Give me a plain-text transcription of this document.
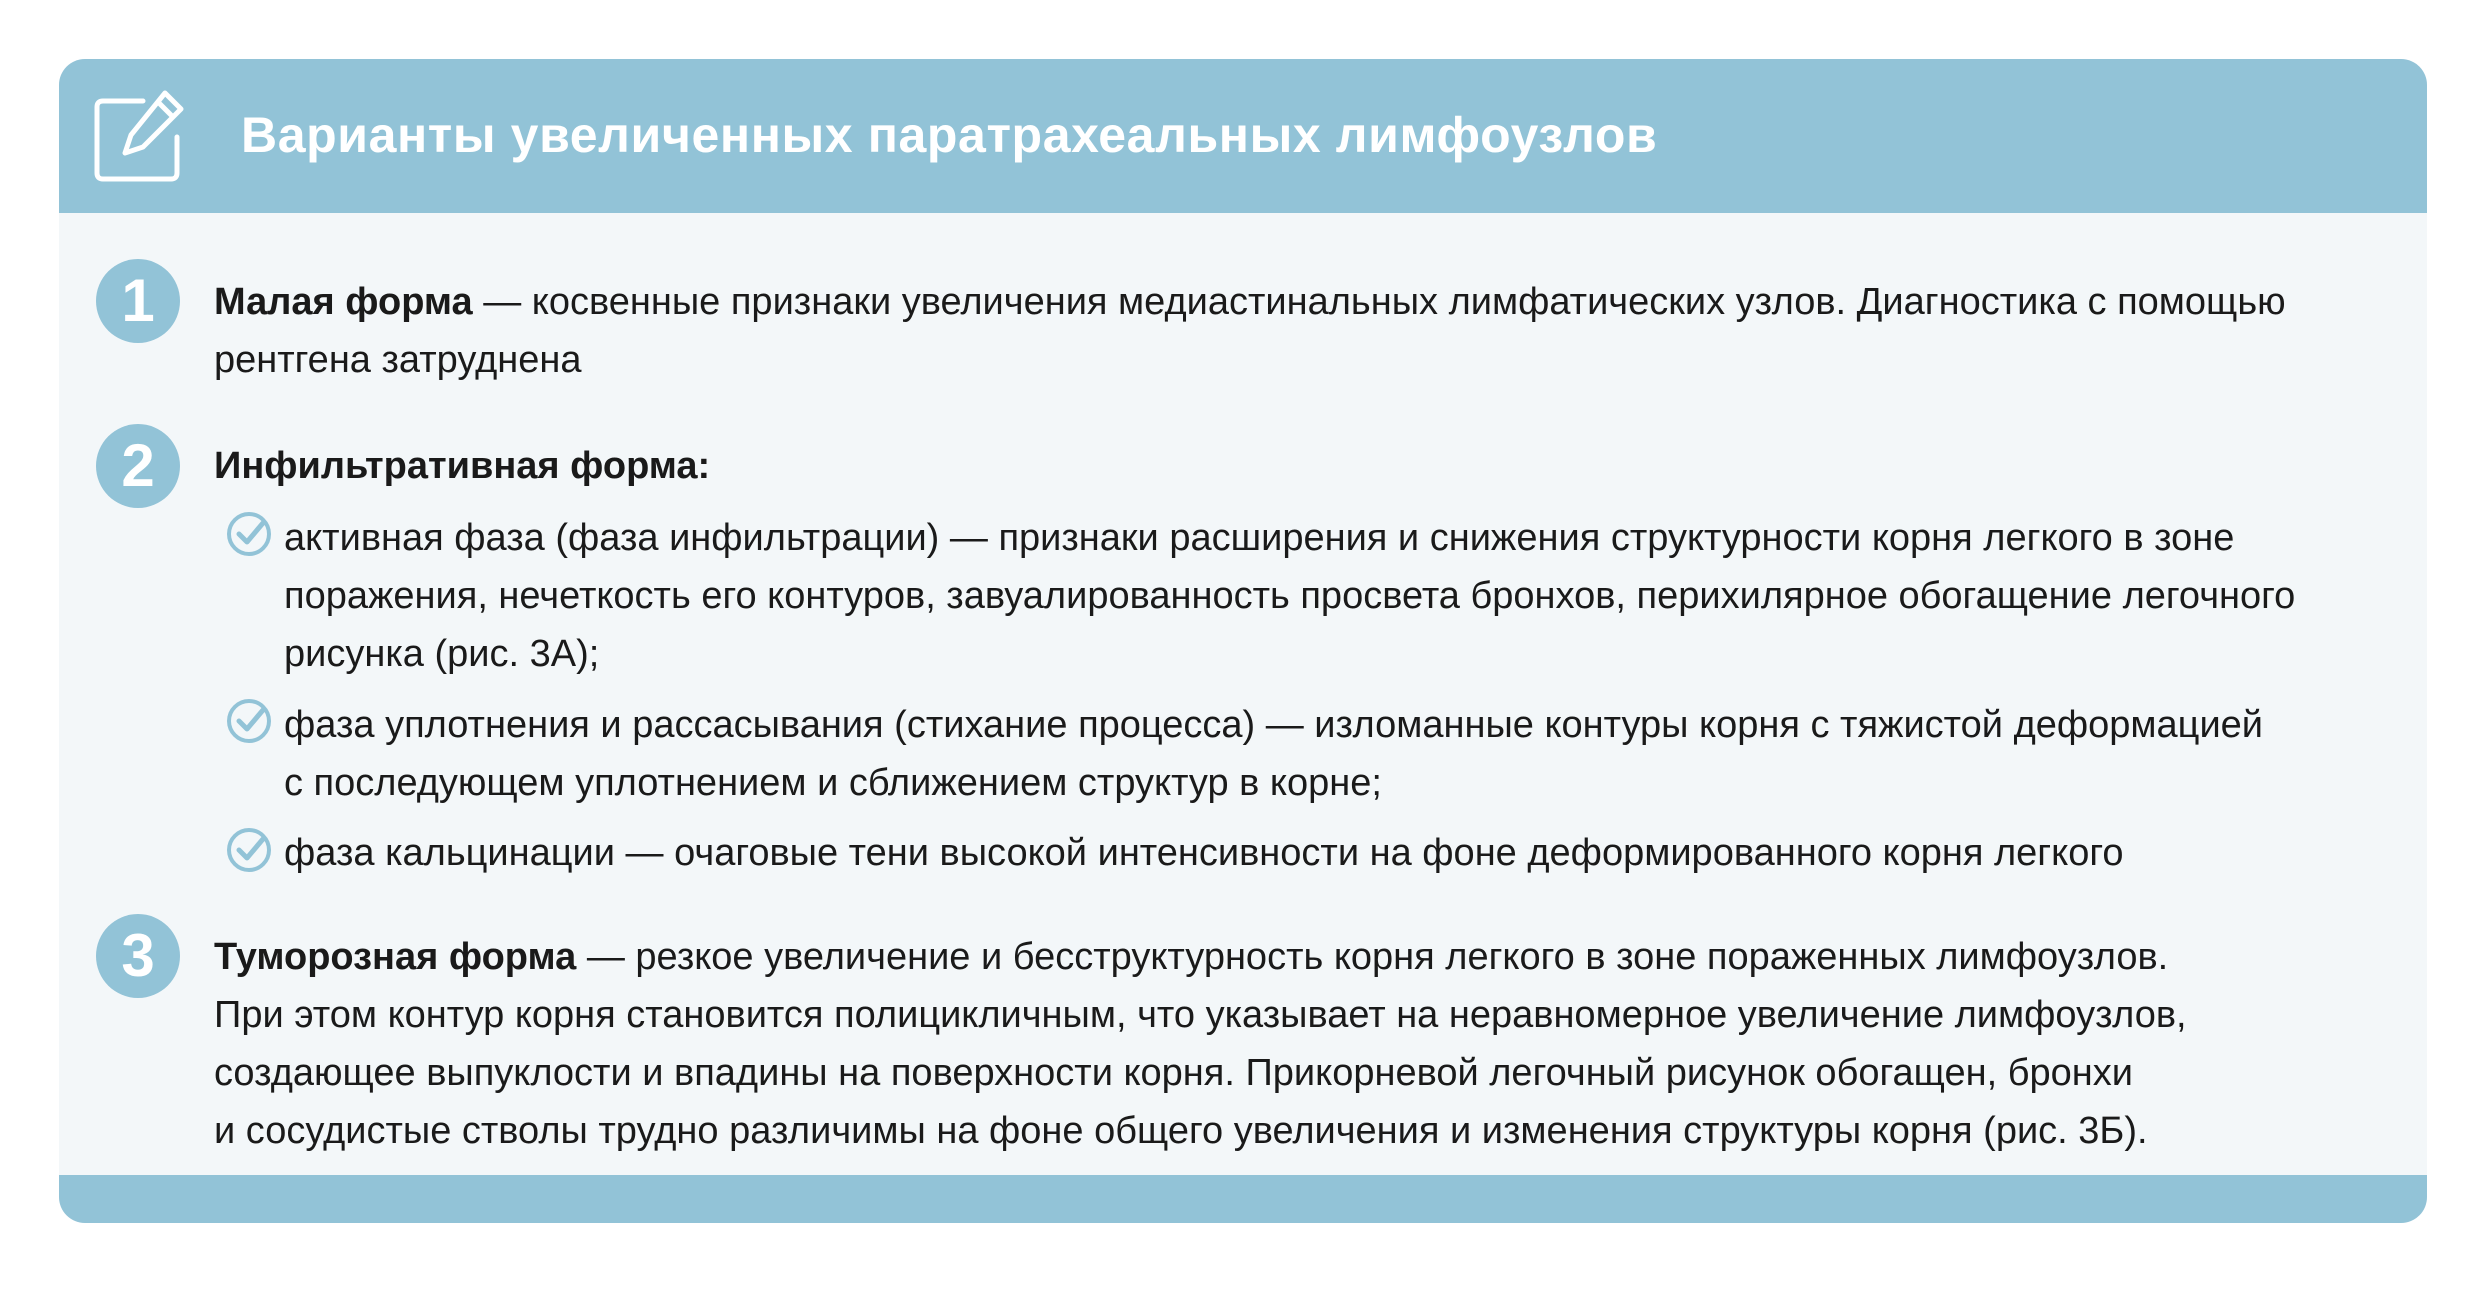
Варианты увеличенных паратрахеальных лимфоузлов
1	Малая форма — косвенные признаки увеличения медиастинальных лимфатических узлов. Диагностика с помощью
рентгена затруднена

2	Инфильтративная форма:

активная фаза (фаза инфильтрации) — признаки расширения и снижения структурности корня легкого в зоне
поражения, нечеткость его контуров, завуалированность просвета бронхов, перихилярное обогащение легочного
рисунка (рис. 3А);

фаза уплотнения и рассасывания (стихание процесса) — изломанные контуры корня с тяжистой деформацией
с последующем уплотнением и сближением структур в корне;

фаза кальцинации — очаговые тени высокой интенсивности на фоне деформированного корня легкого

3	Туморозная форма — резкое увеличение и бесструктурность корня легкого в зоне пораженных лимфоузлов.
При этом контур корня становится полицикличным, что указывает на неравномерное увеличение лимфоузлов,
создающее выпуклости и впадины на поверхности корня. Прикорневой легочный рисунок обогащен, бронхи
и сосудистые стволы трудно различимы на фоне общего увеличения и изменения структуры корня (рис. 3Б).
